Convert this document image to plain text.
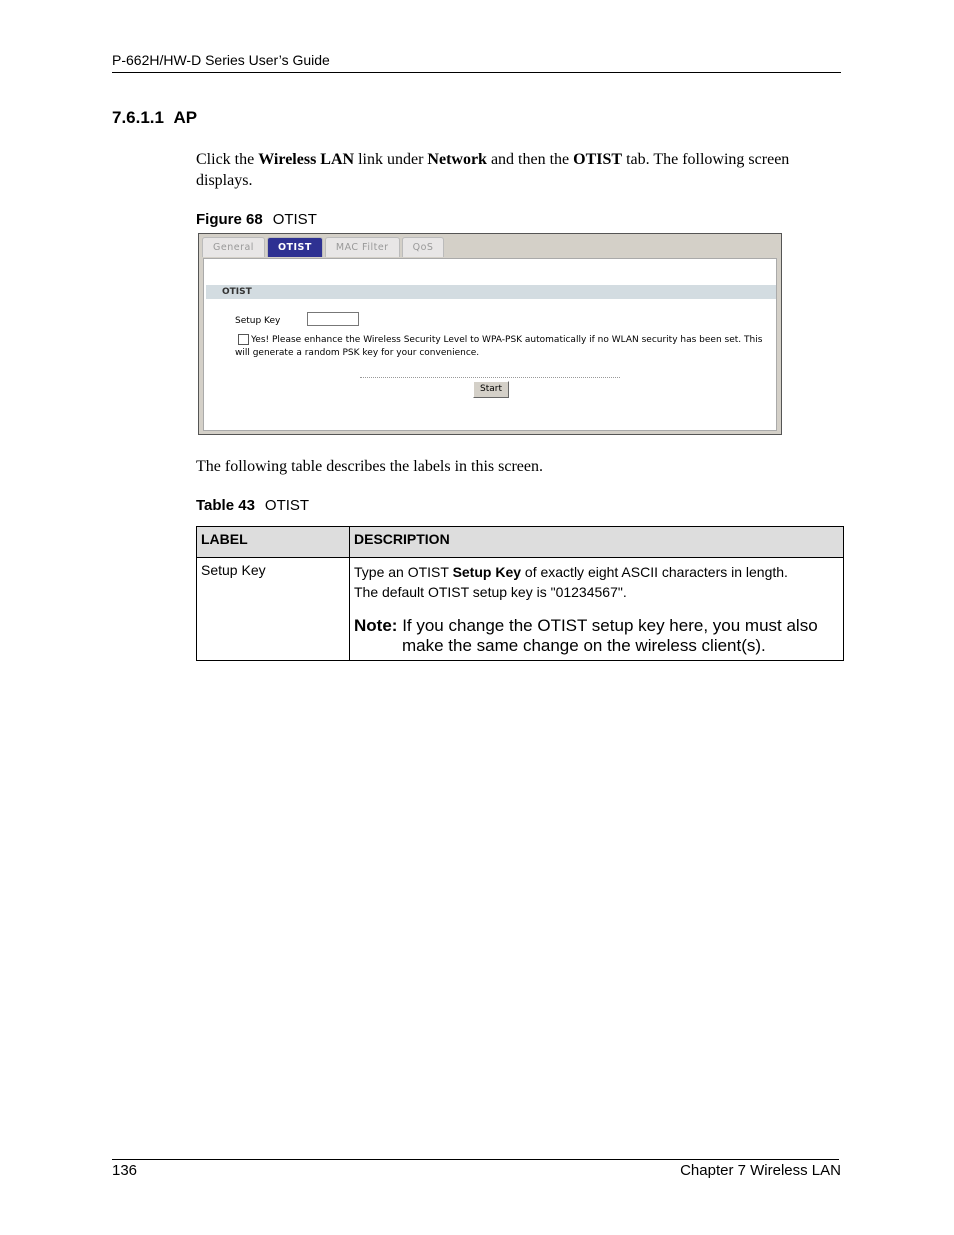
P-662H/HW-D Series User’s Guide
7.6.1.1 AP
Click the Wireless LAN link under Network and then the OTIST tab. The following screen displays.
Figure 68 OTIST
General	OTIST	MAC Filter	QoS
OTIST
Setup Key
Yes! Please enhance the Wireless Security Level to WPA-PSK automatically if no WLAN security has been set. This will generate a random PSK key for your convenience.
Start
The following table describes the labels in this screen.
Table 43 OTIST
LABEL	DESCRIPTION
Setup Key	Type an OTIST Setup Key of exactly eight ASCII characters in length.
The default OTIST setup key is "01234567".
Note: If you change the OTIST setup key here, you must also make the same change on the wireless client(s).
136	Chapter 7 Wireless LAN
